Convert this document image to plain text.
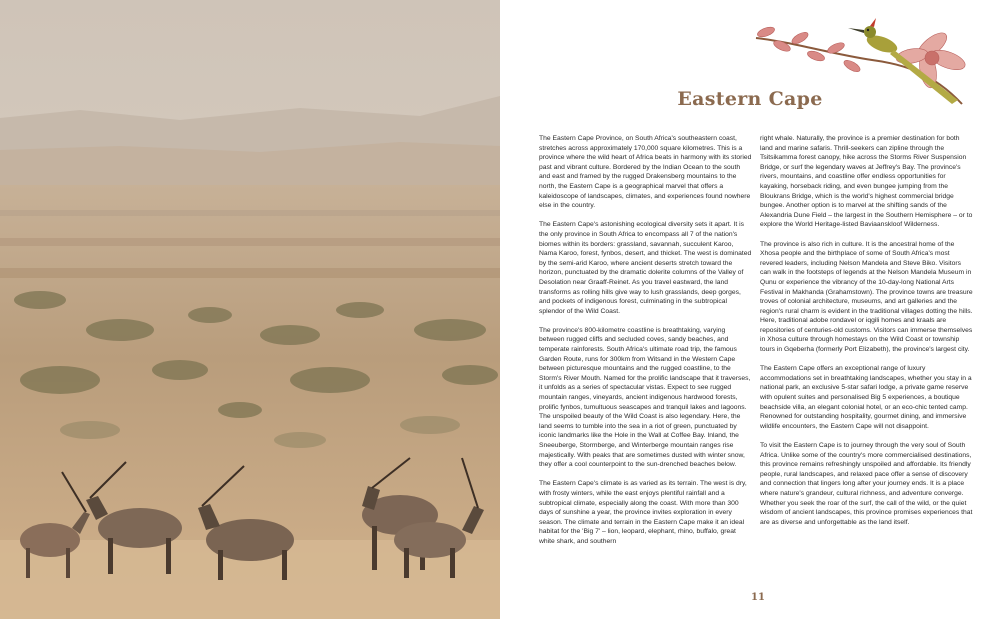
Eastern Cape

The Eastern Cape Province, on South Africa's southeastern coast, stretches across approximately 170,000 square kilometres. This is a province where the wild heart of Africa beats in harmony with its storied past and vibrant culture. Bordered by the Indian Ocean to the south and east and framed by the rugged Drakensberg mountains to the north, the Eastern Cape is a geographical marvel that offers a kaleidoscope of landscapes, climates, and experiences found nowhere else in the country.

The Eastern Cape's astonishing ecological diversity sets it apart. It is the only province in South Africa to encompass all 7 of the nation's biomes within its borders: grassland, savannah, succulent Karoo, Nama Karoo, forest, fynbos, desert, and thicket. The west is dominated by the semi-arid Karoo, where ancient deserts stretch toward the horizon, punctuated by the dramatic dolerite columns of the Valley of Desolation near Graaff-Reinet. As you travel eastward, the land transforms as rolling hills give way to lush grasslands, deep gorges, and pockets of indigenous forest, culminating in the subtropical splendor of the Wild Coast.

The province's 800-kilometre coastline is breathtaking, varying between rugged cliffs and secluded coves, sandy beaches, and temperate rainforests. South Africa's ultimate road trip, the famous Garden Route, runs for 300km from Witsand in the Western Cape between picturesque mountains and the rugged coastline, to the Storm's River Mouth. Named for the prolific landscape that it traverses, it unfolds as a series of spectacular vistas. Expect to see rugged mountain ranges, vineyards, ancient indigenous hardwood forests, prolific fynbos, tumultuous seascapes and tranquil lakes and lagoons. The unspoiled beauty of the Wild Coast is also legendary. Here, the land seems to tumble into the sea in a riot of green, punctuated by iconic landmarks like the Hole in the Wall at Coffee Bay. Inland, the Sneeuberge, Stormberge, and Winterberge mountain ranges rise majestically. With peaks that are sometimes dusted with winter snow, they offer a cool counterpoint to the sun-drenched beaches below.

The Eastern Cape's climate is as varied as its terrain. The west is dry, with frosty winters, while the east enjoys plentiful rainfall and a subtropical climate, especially along the coast. With more than 300 days of sunshine a year, the province invites exploration in every season. The climate and terrain in the Eastern Cape make it an ideal habitat for the 'Big 7' – lion, leopard, elephant, rhino, buffalo, great white shark, and southern

right whale. Naturally, the province is a premier destination for both land and marine safaris. Thrill-seekers can zipline through the Tsitsikamma forest canopy, hike across the Storms River Suspension Bridge, or surf the legendary waves at Jeffrey's Bay. The province's rivers, mountains, and coastline offer endless opportunities for kayaking, horseback riding, and even bungee jumping from the Bloukrans Bridge, which is the world's highest commercial bridge bungee. Another option is to marvel at the shifting sands of the Alexandria Dune Field – the largest in the Southern Hemisphere – or to explore the World Heritage-listed Baviaanskloof Wilderness.

The province is also rich in culture. It is the ancestral home of the Xhosa people and the birthplace of some of South Africa's most revered leaders, including Nelson Mandela and Steve Biko. Visitors can walk in the footsteps of legends at the Nelson Mandela Museum in Qunu or experience the vibrancy of the 10-day-long National Arts Festival in Makhanda (Grahamstown). The province towns are treasure troves of colonial architecture, museums, and art galleries and the region's rural charm is evident in the traditional villages dotting the hills. Here, traditional adobe rondavel or iqgili homes and kraals are repositories of centuries-old customs. Visitors can immerse themselves in Xhosa culture through homestays on the Wild Coast or township tours in Gqeberha (formerly Port Elizabeth), the province's largest city.

The Eastern Cape offers an exceptional range of luxury accommodations set in breathtaking landscapes, whether you stay in a national park, an exclusive 5-star safari lodge, a private game reserve with opulent suites and personalised Big 5 experiences, a boutique beachside villa, an elegant colonial hotel, or an eco-chic tented camp. Renowned for outstanding hospitality, gourmet dining, and immersive wildlife encounters, the Eastern Cape will not disappoint.

To visit the Eastern Cape is to journey through the very soul of South Africa. Unlike some of the country's more commercialised destinations, this province remains refreshingly unspoiled and affordable. Its friendly people, rural landscapes, and relaxed pace offer a sense of discovery and connection that lingers long after your journey ends. It is a place where nature's grandeur, cultural richness, and adventure converge. Whether you seek the roar of the surf, the call of the wild, or the quiet wisdom of ancient landscapes, this province promises experiences that are as diverse and unforgettable as the land itself.

11
